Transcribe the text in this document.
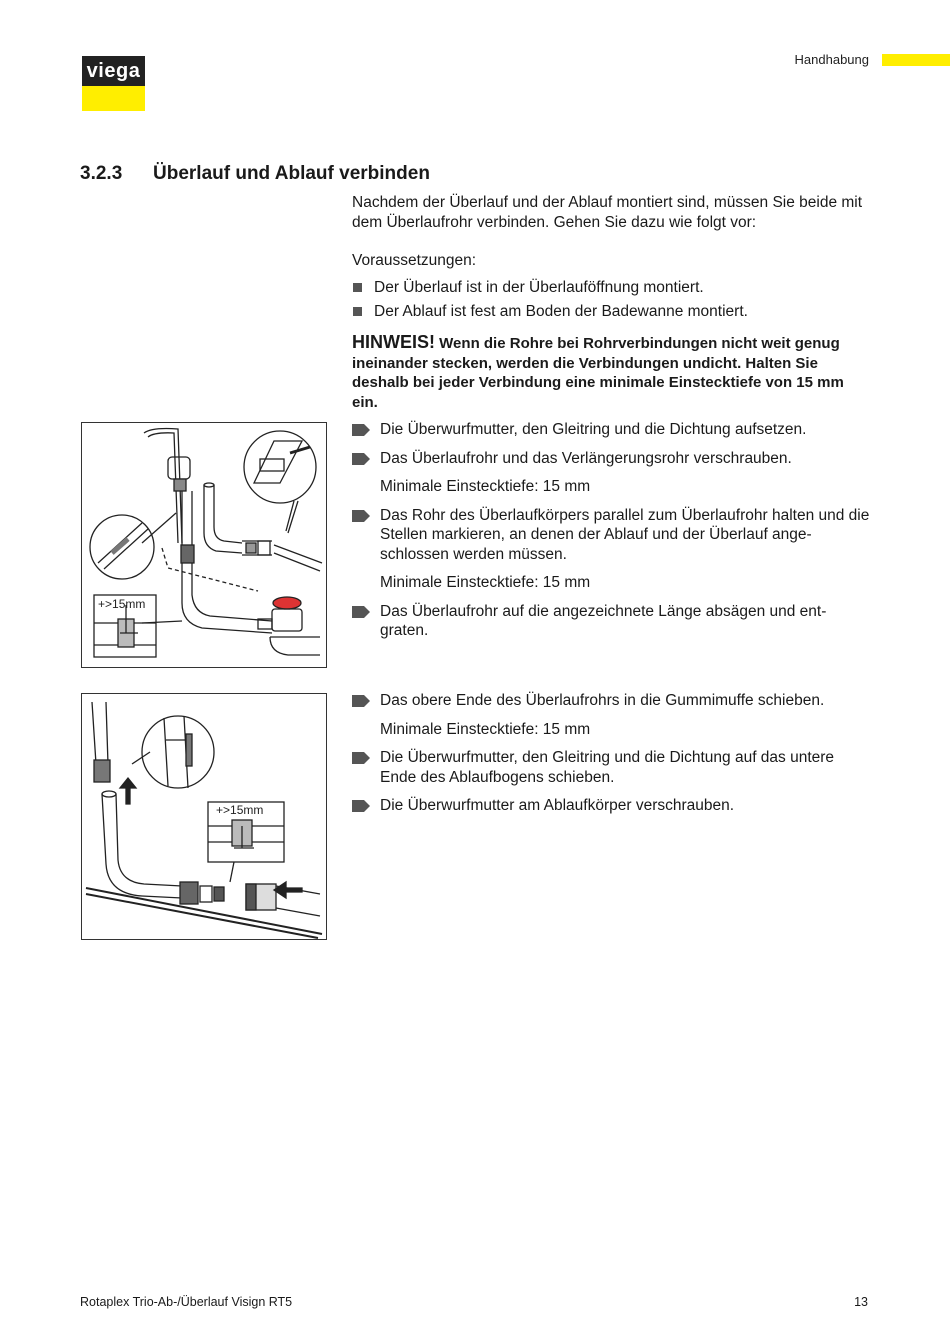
viega	Handhabung
3.2.3 Überlauf und Ablauf verbinden
Nachdem der Überlauf und der Ablauf montiert sind, müssen Sie beide mit dem Überlaufrohr verbinden. Gehen Sie dazu wie folgt vor:
Voraussetzungen:
Der Überlauf ist in der Überlauföffnung montiert.
Der Ablauf ist fest am Boden der Badewanne montiert.
HINWEIS! Wenn die Rohre bei Rohrverbindungen nicht weit genug ineinander stecken, werden die Verbindungen undicht. Halten Sie deshalb bei jeder Verbindung eine minimale Einstecktiefe von 15 mm ein.
Die Überwurfmutter, den Gleitring und die Dichtung aufsetzen.
Das Überlaufrohr und das Verlängerungsrohr verschrauben.
Minimale Einstecktiefe: 15 mm
Das Rohr des Überlaufkörpers parallel zum Überlaufrohr halten und die Stellen markieren, an denen der Ablauf und der Überlauf ange-schlossen werden müssen.
Minimale Einstecktiefe: 15 mm
Das Überlaufrohr auf die angezeichnete Länge absägen und ent-graten.
Das obere Ende des Überlaufrohrs in die Gummimuffe schieben.
Minimale Einstecktiefe: 15 mm
Die Überwurfmutter, den Gleitring und die Dichtung auf das untere Ende des Ablaufbogens schieben.
Die Überwurfmutter am Ablaufkörper verschrauben.
+>15mm
+>15mm
Rotaplex Trio-Ab-/Überlauf Visign RT5	13
